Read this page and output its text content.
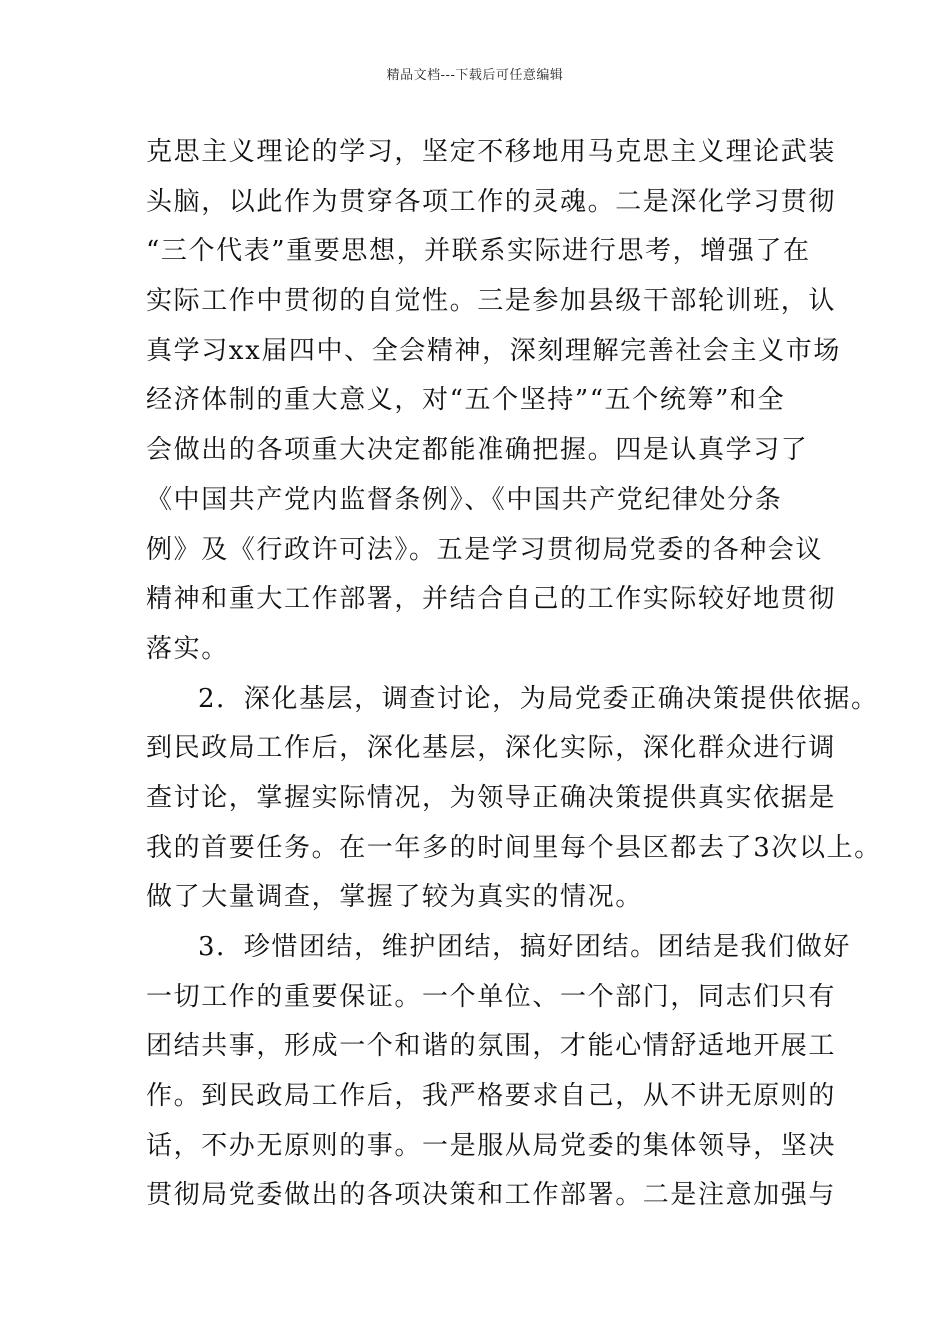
精品文档---下载后可任意编辑
克思主义理论的学习，坚定不移地用马克思主义理论武装
头脑，以此作为贯穿各项工作的灵魂。二是深化学习贯彻
“三个代表”重要思想，并联系实际进行思考，增强了在
实际工作中贯彻的自觉性。三是参加县级干部轮训班，认
真学习xx届四中、全会精神，深刻理解完善社会主义市场
经济体制的重大意义，对“五个坚持”“五个统筹”和全
会做出的各项重大决定都能准确把握。四是认真学习了
《中国共产党内监督条例》、《中国共产党纪律处分条
例》及《行政许可法》。五是学习贯彻局党委的各种会议
精神和重大工作部署，并结合自己的工作实际较好地贯彻
落实。
2．深化基层，调查讨论，为局党委正确决策提供依据。
到民政局工作后，深化基层，深化实际，深化群众进行调
查讨论，掌握实际情况，为领导正确决策提供真实依据是
我的首要任务。在一年多的时间里每个县区都去了3次以上。
做了大量调查，掌握了较为真实的情况。
3．珍惜团结，维护团结，搞好团结。团结是我们做好
一切工作的重要保证。一个单位、一个部门，同志们只有
团结共事，形成一个和谐的氛围，才能心情舒适地开展工
作。到民政局工作后，我严格要求自己，从不讲无原则的
话，不办无原则的事。一是服从局党委的集体领导，坚决
贯彻局党委做出的各项决策和工作部署。二是注意加强与
